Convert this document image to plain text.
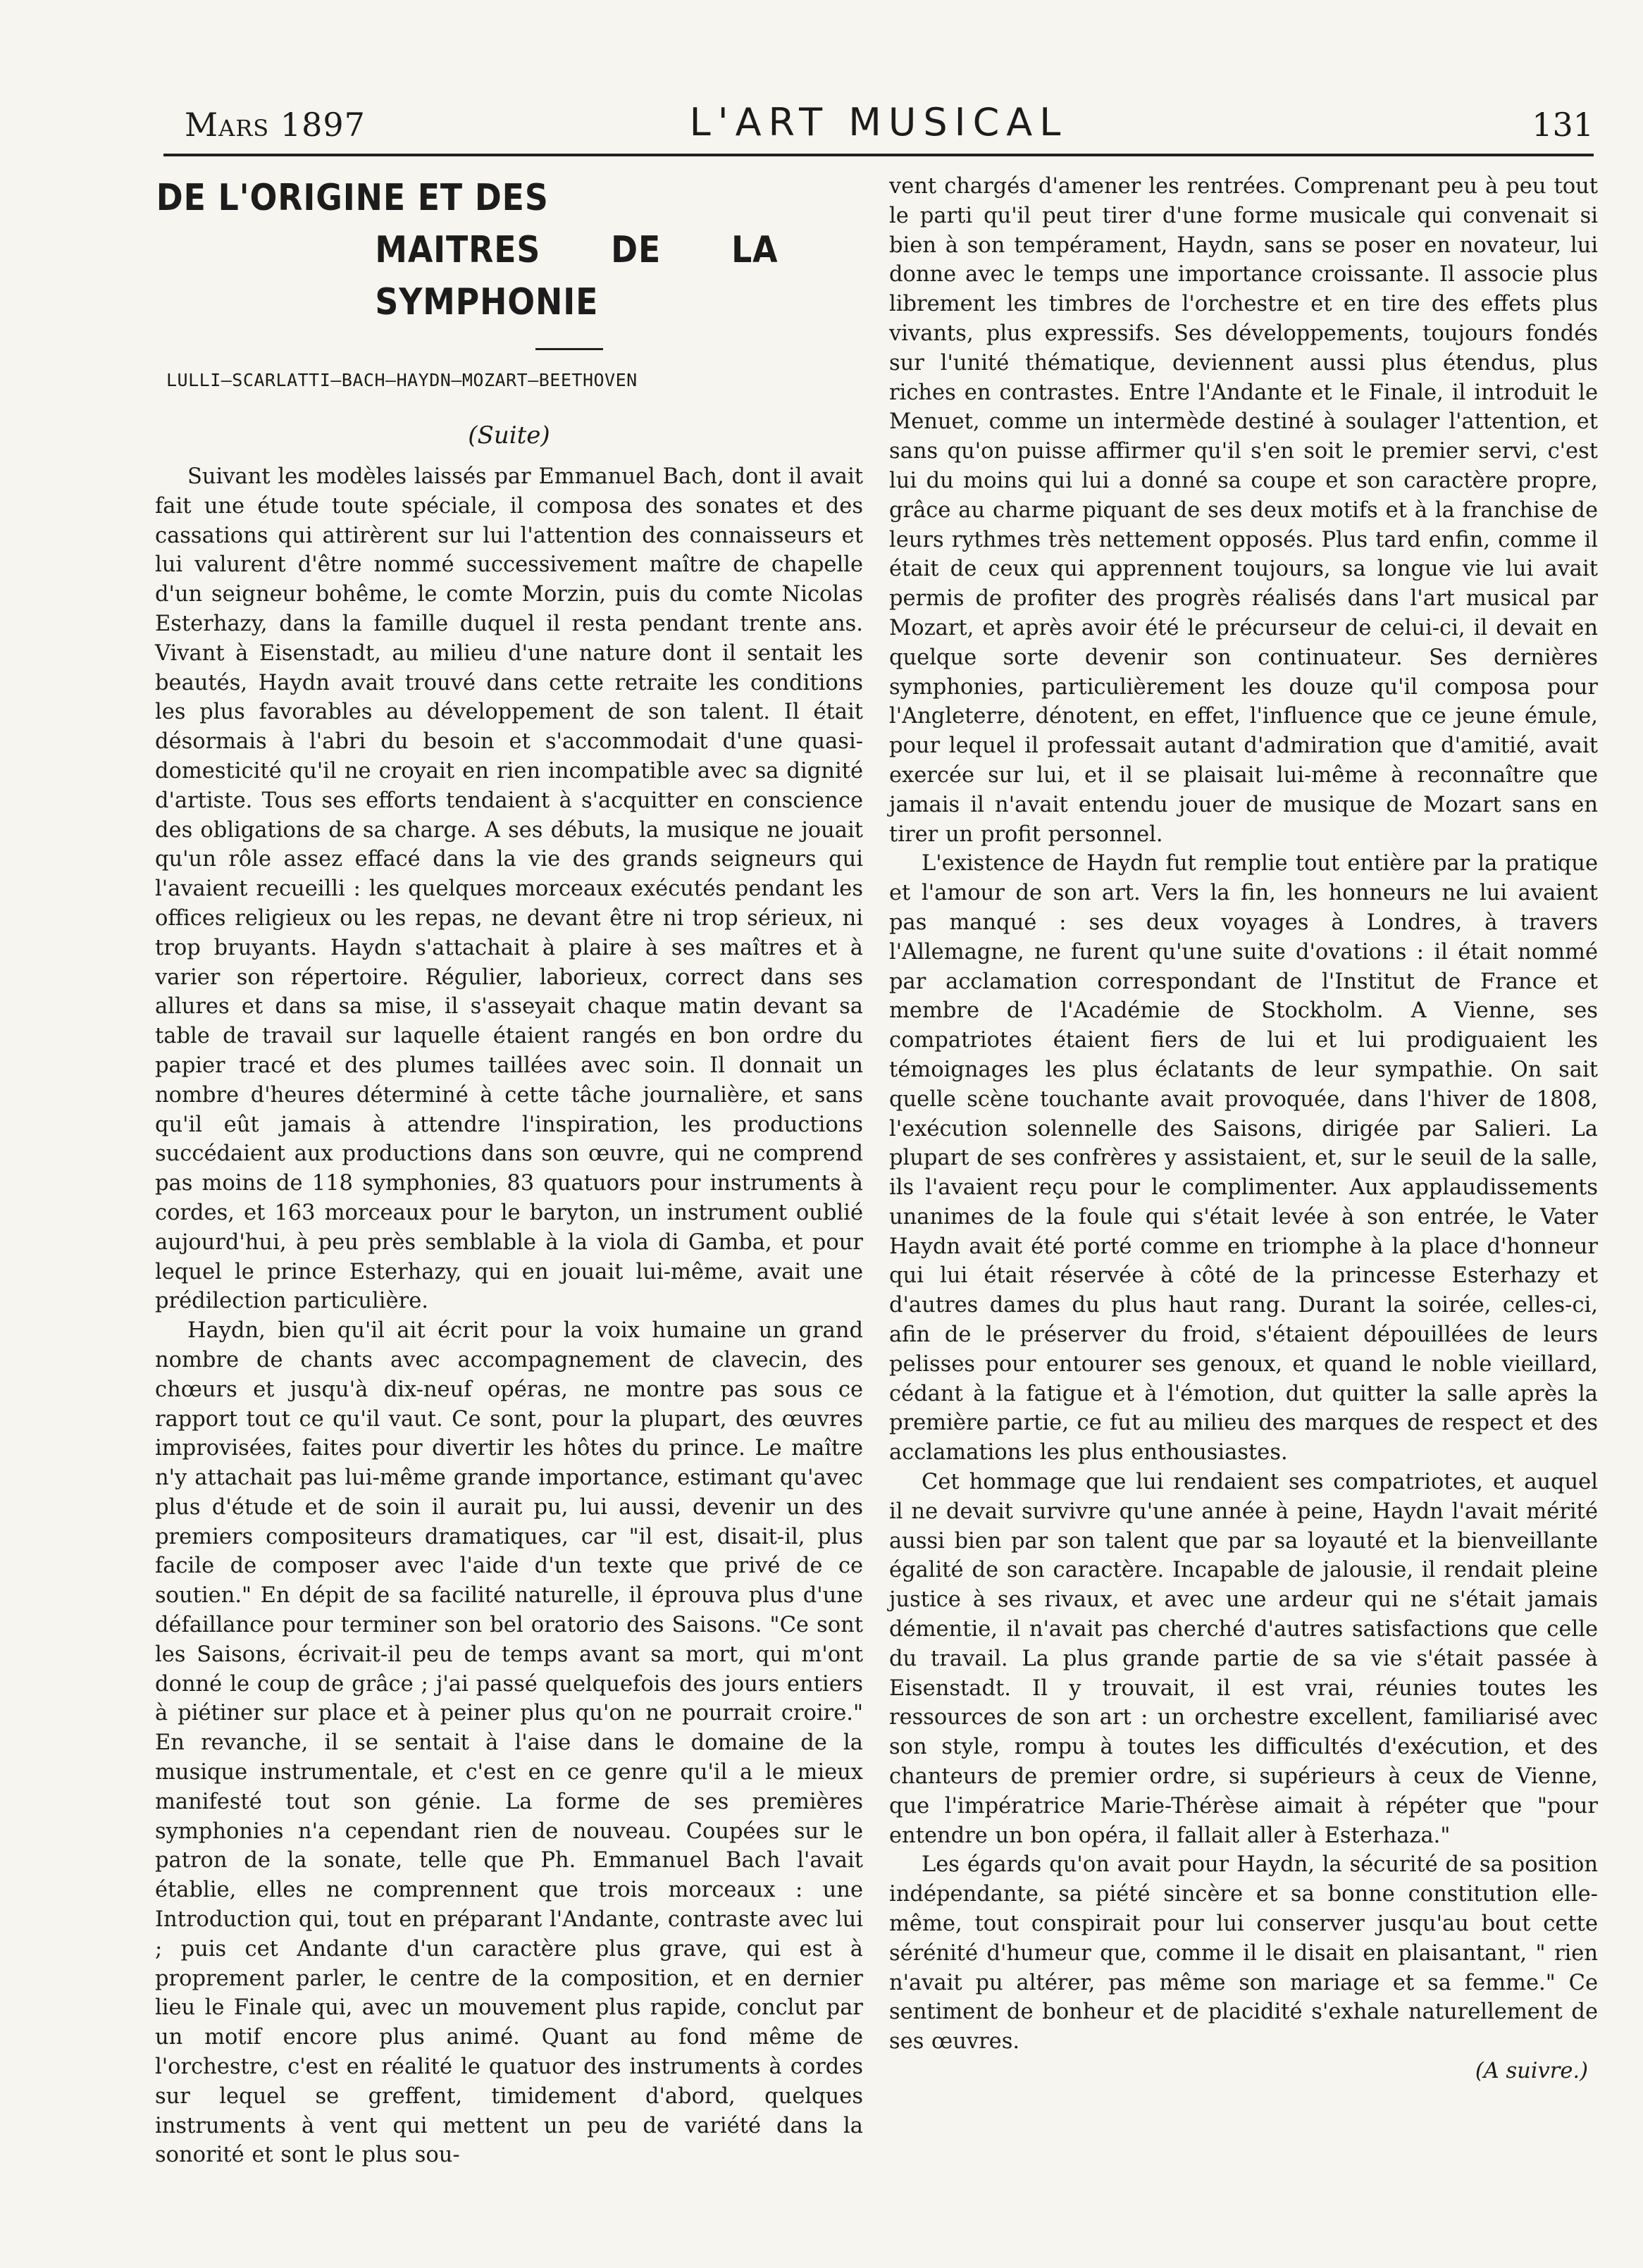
Mars 1897	L'ART MUSICAL	131
DE L'ORIGINE ET DES
MAITRES DE LA SYMPHONIE
LULLI–SCARLATTI–BACH–HAYDN–MOZART–BEETHOVEN
(Suite)

Suivant les modèles laissés par Emmanuel Bach, dont il avait fait une étude toute spéciale, il composa des sonates et des cassations qui attirèrent sur lui l'attention des connaisseurs et lui valurent d'être nommé successivement maître de chapelle d'un seigneur bohême, le comte Morzin, puis du comte Nicolas Esterhazy, dans la famille duquel il resta pendant trente ans. Vivant à Eisenstadt, au milieu d'une nature dont il sentait les beautés, Haydn avait trouvé dans cette retraite les conditions les plus favorables au développement de son talent. Il était désormais à l'abri du besoin et s'accommodait d'une quasi-domesticité qu'il ne croyait en rien incompatible avec sa dignité d'artiste. Tous ses efforts tendaient à s'acquitter en conscience des obligations de sa charge. A ses débuts, la musique ne jouait qu'un rôle assez effacé dans la vie des grands seigneurs qui l'avaient recueilli : les quelques morceaux exécutés pendant les offices religieux ou les repas, ne devant être ni trop sérieux, ni trop bruyants. Haydn s'attachait à plaire à ses maîtres et à varier son répertoire. Régulier, laborieux, correct dans ses allures et dans sa mise, il s'asseyait chaque matin devant sa table de travail sur laquelle étaient rangés en bon ordre du papier tracé et des plumes taillées avec soin. Il donnait un nombre d'heures déterminé à cette tâche journalière, et sans qu'il eût jamais à attendre l'inspiration, les productions succédaient aux productions dans son œuvre, qui ne comprend pas moins de 118 symphonies, 83 quatuors pour instruments à cordes, et 163 morceaux pour le baryton, un instrument oublié aujourd'hui, à peu près semblable à la viola di Gamba, et pour lequel le prince Esterhazy, qui en jouait lui-même, avait une prédilection particulière.

Haydn, bien qu'il ait écrit pour la voix humaine un grand nombre de chants avec accompagnement de clavecin, des chœurs et jusqu'à dix-neuf opéras, ne montre pas sous ce rapport tout ce qu'il vaut. Ce sont, pour la plupart, des œuvres improvisées, faites pour divertir les hôtes du prince. Le maître n'y attachait pas lui-même grande importance, estimant qu'avec plus d'étude et de soin il aurait pu, lui aussi, devenir un des premiers compositeurs dramatiques, car "il est, disait-il, plus facile de composer avec l'aide d'un texte que privé de ce soutien." En dépit de sa facilité naturelle, il éprouva plus d'une défaillance pour terminer son bel oratorio des Saisons. "Ce sont les Saisons, écrivait-il peu de temps avant sa mort, qui m'ont donné le coup de grâce ; j'ai passé quelquefois des jours entiers à piétiner sur place et à peiner plus qu'on ne pourrait croire." En revanche, il se sentait à l'aise dans le domaine de la musique instrumentale, et c'est en ce genre qu'il a le mieux manifesté tout son génie. La forme de ses premières symphonies n'a cependant rien de nouveau. Coupées sur le patron de la sonate, telle que Ph. Emmanuel Bach l'avait établie, elles ne comprennent que trois morceaux : une Introduction qui, tout en préparant l'Andante, contraste avec lui ; puis cet Andante d'un caractère plus grave, qui est à proprement parler, le centre de la composition, et en dernier lieu le Finale qui, avec un mouvement plus rapide, conclut par un motif encore plus animé. Quant au fond même de l'orchestre, c'est en réalité le quatuor des instruments à cordes sur lequel se greffent, timidement d'abord, quelques instruments à vent qui mettent un peu de variété dans la sonorité et sont le plus sou-

vent chargés d'amener les rentrées. Comprenant peu à peu tout le parti qu'il peut tirer d'une forme musicale qui convenait si bien à son tempérament, Haydn, sans se poser en novateur, lui donne avec le temps une importance croissante. Il associe plus librement les timbres de l'orchestre et en tire des effets plus vivants, plus expressifs. Ses développements, toujours fondés sur l'unité thématique, deviennent aussi plus étendus, plus riches en contrastes. Entre l'Andante et le Finale, il introduit le Menuet, comme un intermède destiné à soulager l'attention, et sans qu'on puisse affirmer qu'il s'en soit le premier servi, c'est lui du moins qui lui a donné sa coupe et son caractère propre, grâce au charme piquant de ses deux motifs et à la franchise de leurs rythmes très nettement opposés. Plus tard enfin, comme il était de ceux qui apprennent toujours, sa longue vie lui avait permis de profiter des progrès réalisés dans l'art musical par Mozart, et après avoir été le précurseur de celui-ci, il devait en quelque sorte devenir son continuateur. Ses dernières symphonies, particulièrement les douze qu'il composa pour l'Angleterre, dénotent, en effet, l'influence que ce jeune émule, pour lequel il professait autant d'admiration que d'amitié, avait exercée sur lui, et il se plaisait lui-même à reconnaître que jamais il n'avait entendu jouer de musique de Mozart sans en tirer un profit personnel.

L'existence de Haydn fut remplie tout entière par la pratique et l'amour de son art. Vers la fin, les honneurs ne lui avaient pas manqué : ses deux voyages à Londres, à travers l'Allemagne, ne furent qu'une suite d'ovations : il était nommé par acclamation correspondant de l'Institut de France et membre de l'Académie de Stockholm. A Vienne, ses compatriotes étaient fiers de lui et lui prodiguaient les témoignages les plus éclatants de leur sympathie. On sait quelle scène touchante avait provoquée, dans l'hiver de 1808, l'exécution solennelle des Saisons, dirigée par Salieri. La plupart de ses confrères y assistaient, et, sur le seuil de la salle, ils l'avaient reçu pour le complimenter. Aux applaudissements unanimes de la foule qui s'était levée à son entrée, le Vater Haydn avait été porté comme en triomphe à la place d'honneur qui lui était réservée à côté de la princesse Esterhazy et d'autres dames du plus haut rang. Durant la soirée, celles-ci, afin de le préserver du froid, s'étaient dépouillées de leurs pelisses pour entourer ses genoux, et quand le noble vieillard, cédant à la fatigue et à l'émotion, dut quitter la salle après la première partie, ce fut au milieu des marques de respect et des acclamations les plus enthousiastes.

Cet hommage que lui rendaient ses compatriotes, et auquel il ne devait survivre qu'une année à peine, Haydn l'avait mérité aussi bien par son talent que par sa loyauté et la bienveillante égalité de son caractère. Incapable de jalousie, il rendait pleine justice à ses rivaux, et avec une ardeur qui ne s'était jamais démentie, il n'avait pas cherché d'autres satisfactions que celle du travail. La plus grande partie de sa vie s'était passée à Eisenstadt. Il y trouvait, il est vrai, réunies toutes les ressources de son art : un orchestre excellent, familiarisé avec son style, rompu à toutes les difficultés d'exécution, et des chanteurs de premier ordre, si supérieurs à ceux de Vienne, que l'impératrice Marie-Thérèse aimait à répéter que "pour entendre un bon opéra, il fallait aller à Esterhaza."

Les égards qu'on avait pour Haydn, la sécurité de sa position indépendante, sa piété sincère et sa bonne constitution elle-même, tout conspirait pour lui conserver jusqu'au bout cette sérénité d'humeur que, comme il le disait en plaisantant, " rien n'avait pu altérer, pas même son mariage et sa femme." Ce sentiment de bonheur et de placidité s'exhale naturellement de ses œuvres.

(A suivre.)
